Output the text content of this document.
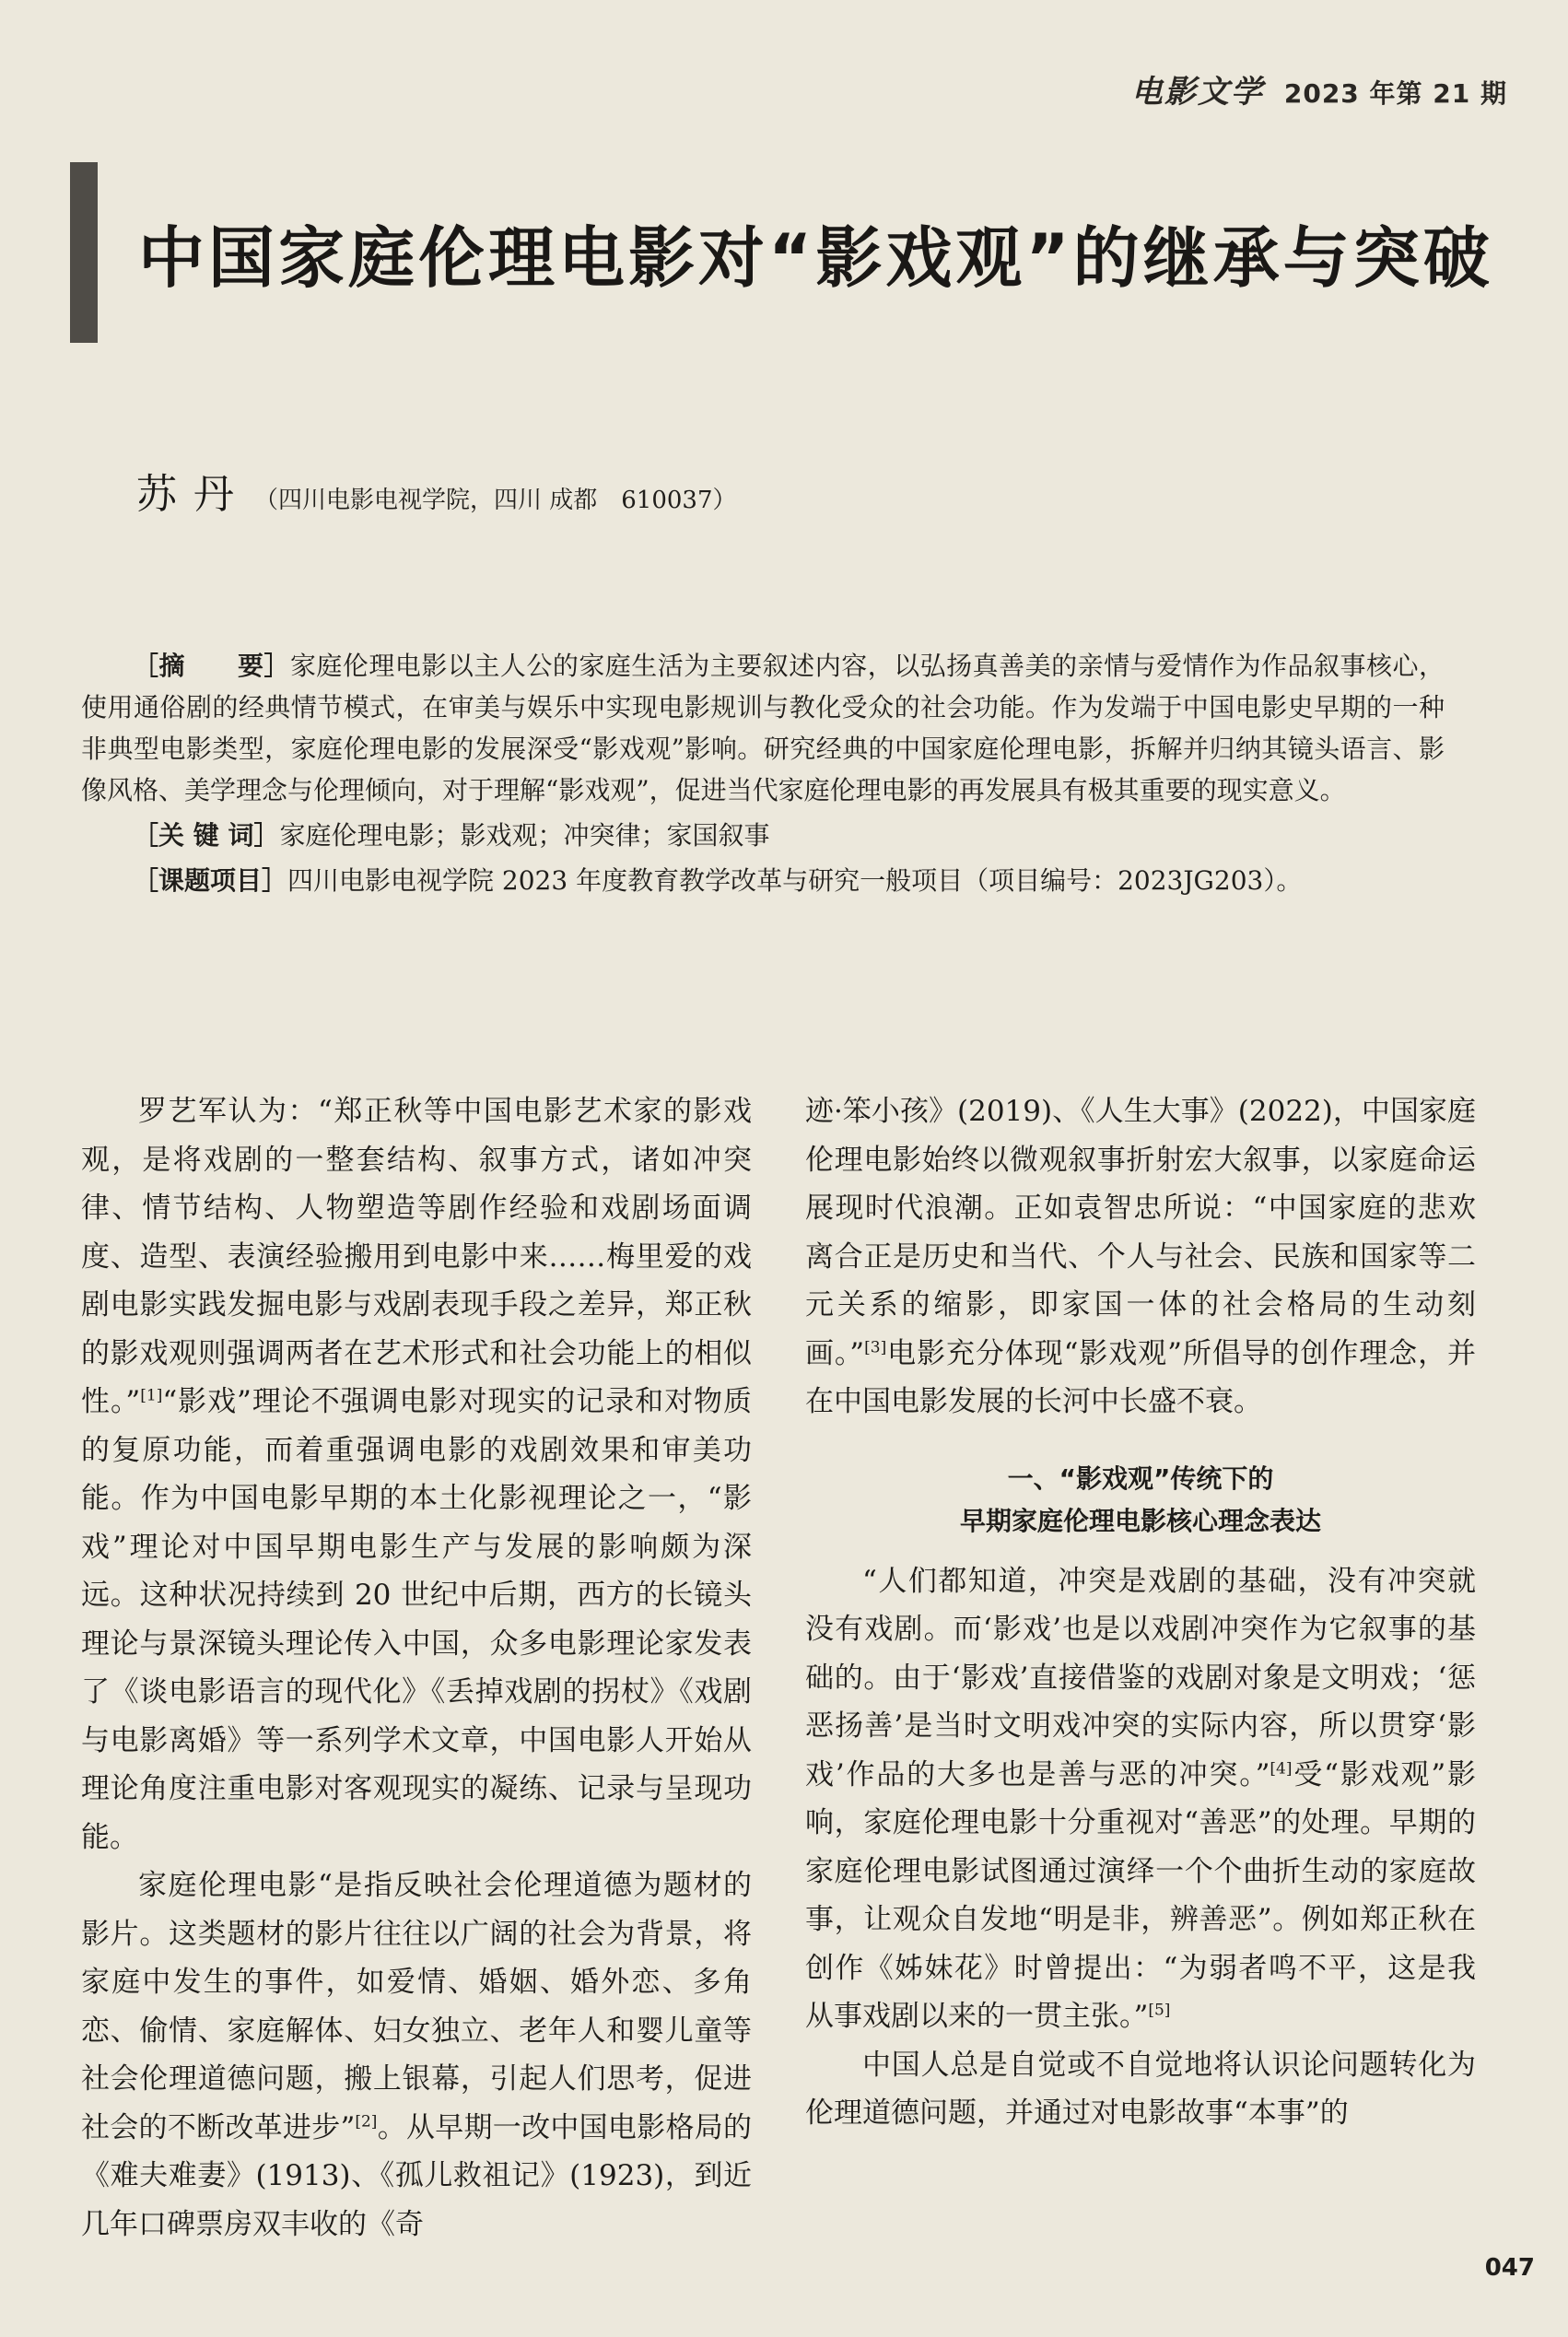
电影文学 2023 年第 21 期
中国家庭伦理电影对“影戏观”的继承与突破
苏丹 （四川电影电视学院，四川 成都　610037）

［摘　　要］家庭伦理电影以主人公的家庭生活为主要叙述内容，以弘扬真善美的亲情与爱情作为作品叙事核心，使用通俗剧的经典情节模式，在审美与娱乐中实现电影规训与教化受众的社会功能。作为发端于中国电影史早期的一种非典型电影类型，家庭伦理电影的发展深受“影戏观”影响。研究经典的中国家庭伦理电影，拆解并归纳其镜头语言、影像风格、美学理念与伦理倾向，对于理解“影戏观”，促进当代家庭伦理电影的再发展具有极其重要的现实意义。

［关 键 词］家庭伦理电影；影戏观；冲突律；家国叙事

［课题项目］四川电影电视学院 2023 年度教育教学改革与研究一般项目（项目编号：2023JG203）。

罗艺军认为：“郑正秋等中国电影艺术家的影戏观，是将戏剧的一整套结构、叙事方式，诸如冲突律、情节结构、人物塑造等剧作经验和戏剧场面调度、造型、表演经验搬用到电影中来……梅里爱的戏剧电影实践发掘电影与戏剧表现手段之差异，郑正秋的影戏观则强调两者在艺术形式和社会功能上的相似性。”[1]“影戏”理论不强调电影对现实的记录和对物质的复原功能，而着重强调电影的戏剧效果和审美功能。作为中国电影早期的本土化影视理论之一，“影戏”理论对中国早期电影生产与发展的影响颇为深远。这种状况持续到 20 世纪中后期，西方的长镜头理论与景深镜头理论传入中国，众多电影理论家发表了《谈电影语言的现代化》《丢掉戏剧的拐杖》《戏剧与电影离婚》等一系列学术文章，中国电影人开始从理论角度注重电影对客观现实的凝练、记录与呈现功能。

家庭伦理电影“是指反映社会伦理道德为题材的影片。这类题材的影片往往以广阔的社会为背景，将家庭中发生的事件，如爱情、婚姻、婚外恋、多角恋、偷情、家庭解体、妇女独立、老年人和婴儿童等社会伦理道德问题，搬上银幕，引起人们思考，促进社会的不断改革进步”[2]。从早期一改中国电影格局的《难夫难妻》(1913)、《孤儿救祖记》(1923)，到近几年口碑票房双丰收的《奇

迹·笨小孩》(2019)、《人生大事》(2022)，中国家庭伦理电影始终以微观叙事折射宏大叙事，以家庭命运展现时代浪潮。正如袁智忠所说：“中国家庭的悲欢离合正是历史和当代、个人与社会、民族和国家等二元关系的缩影，即家国一体的社会格局的生动刻画。”[3]电影充分体现“影戏观”所倡导的创作理念，并在中国电影发展的长河中长盛不衰。

一、“影戏观”传统下的
早期家庭伦理电影核心理念表达

“人们都知道，冲突是戏剧的基础，没有冲突就没有戏剧。而‘影戏’也是以戏剧冲突作为它叙事的基础的。由于‘影戏’直接借鉴的戏剧对象是文明戏；‘惩恶扬善’是当时文明戏冲突的实际内容，所以贯穿‘影戏’作品的大多也是善与恶的冲突。”[4]受“影戏观”影响，家庭伦理电影十分重视对“善恶”的处理。早期的家庭伦理电影试图通过演绎一个个曲折生动的家庭故事，让观众自发地“明是非，辨善恶”。例如郑正秋在创作《姊妹花》时曾提出：“为弱者鸣不平，这是我从事戏剧以来的一贯主张。”[5]

中国人总是自觉或不自觉地将认识论问题转化为伦理道德问题，并通过对电影故事“本事”的

047
